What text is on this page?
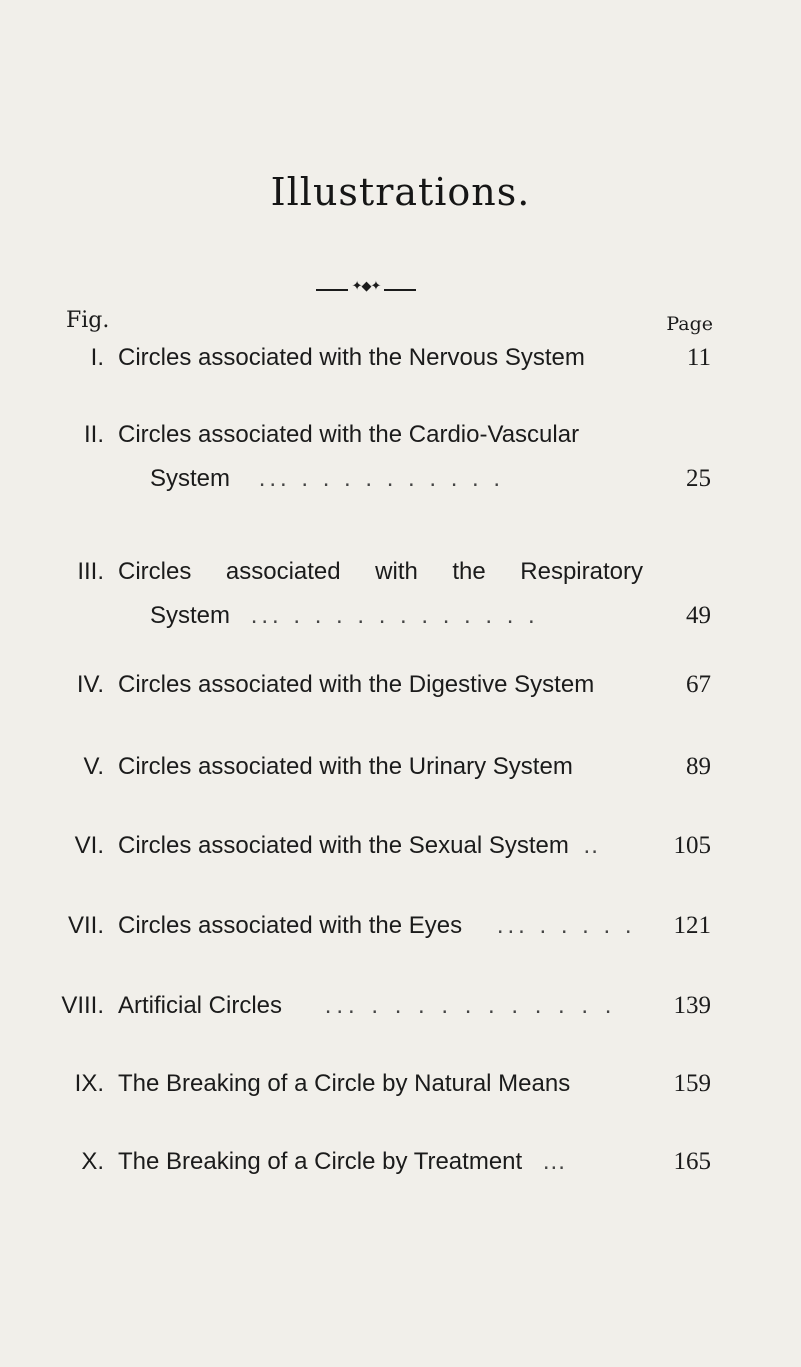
Illustrations.
✦◆✦
Fig.	Page
I. Circles associated with the Nervous System	11
II. Circles associated with the Cardio-Vascular
System ... . . . . . . . . . .	25
III. Circles associated with the Respiratory
System ... . . . . . . . . . . . .	49
IV. Circles associated with the Digestive System	67
V. Circles associated with the Urinary System	89
VI. Circles associated with the Sexual System ..	105
VII. Circles associated with the Eyes ... . . . . . 121
VIII. Artificial Circles ... . . . . . . . . . . . 139
IX. The Breaking of a Circle by Natural Means	159
X. The Breaking of a Circle by Treatment ...	165
